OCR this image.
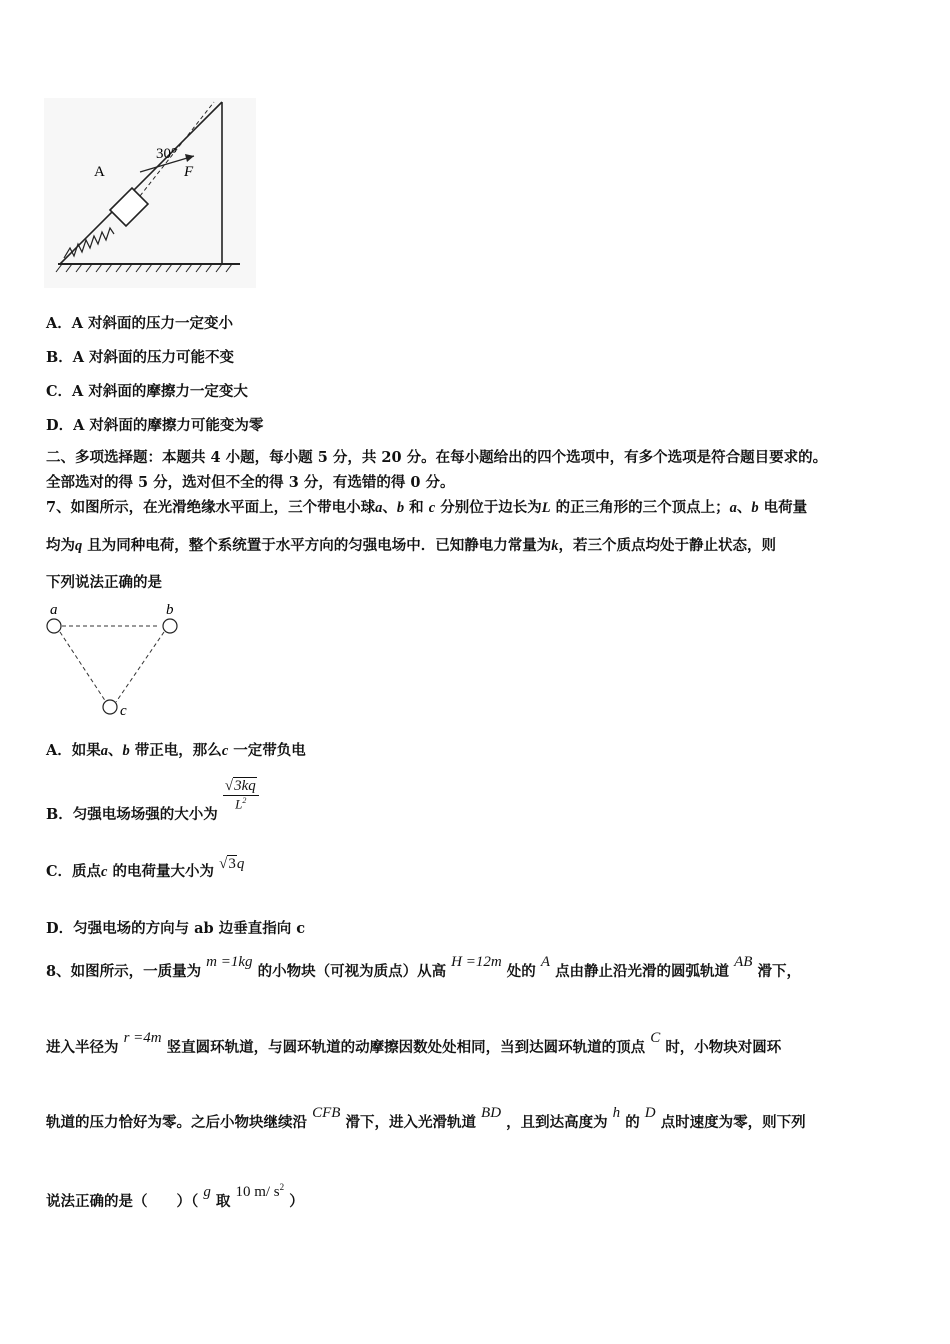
A
30°
F
A．A 对斜面的压力一定变小
B．A 对斜面的压力可能不变
C．A 对斜面的摩擦力一定变大
D．A 对斜面的摩擦力可能变为零
二、多项选择题：本题共 4 小题，每小题 5 分，共 20 分。在每小题给出的四个选项中，有多个选项是符合题目要求的。
全部选对的得 5 分，选对但不全的得 3 分，有选错的得 0 分。
7、如图所示，在光滑绝缘水平面上，三个带电小球a、b 和 c 分别位于边长为L 的正三角形的三个顶点上；a、b 电荷量
均为q 且为同种电荷，整个系统置于水平方向的匀强电场中．已知静电力常量为k，若三个质点均处于静止状态，则
下列说法正确的是
a	b
c
A．如果a、b 带正电，那么c 一定带负电
B．匀强电场场强的大小为
$\frac{√3kq}{L^2}$
C．质点c 的电荷量大小为 √3q
D．匀强电场的方向与 ab 边垂直指向 c
8、如图所示，一质量为 m =1kg 的小物块（可视为质点）从高 H =12m 处的 A 点由静止沿光滑的圆弧轨道 AB 滑下，
进入半径为 r =4m 竖直圆环轨道，与圆环轨道的动摩擦因数处处相同，当到达圆环轨道的顶点 C 时，小物块对圆环
轨道的压力恰好为零。之后小物块继续沿 CFB 滑下，进入光滑轨道 BD ，且到达高度为 h 的 D 点时速度为零，则下列
说法正确的是（　　）（ g 取 10 m/ $s^2$ ）
